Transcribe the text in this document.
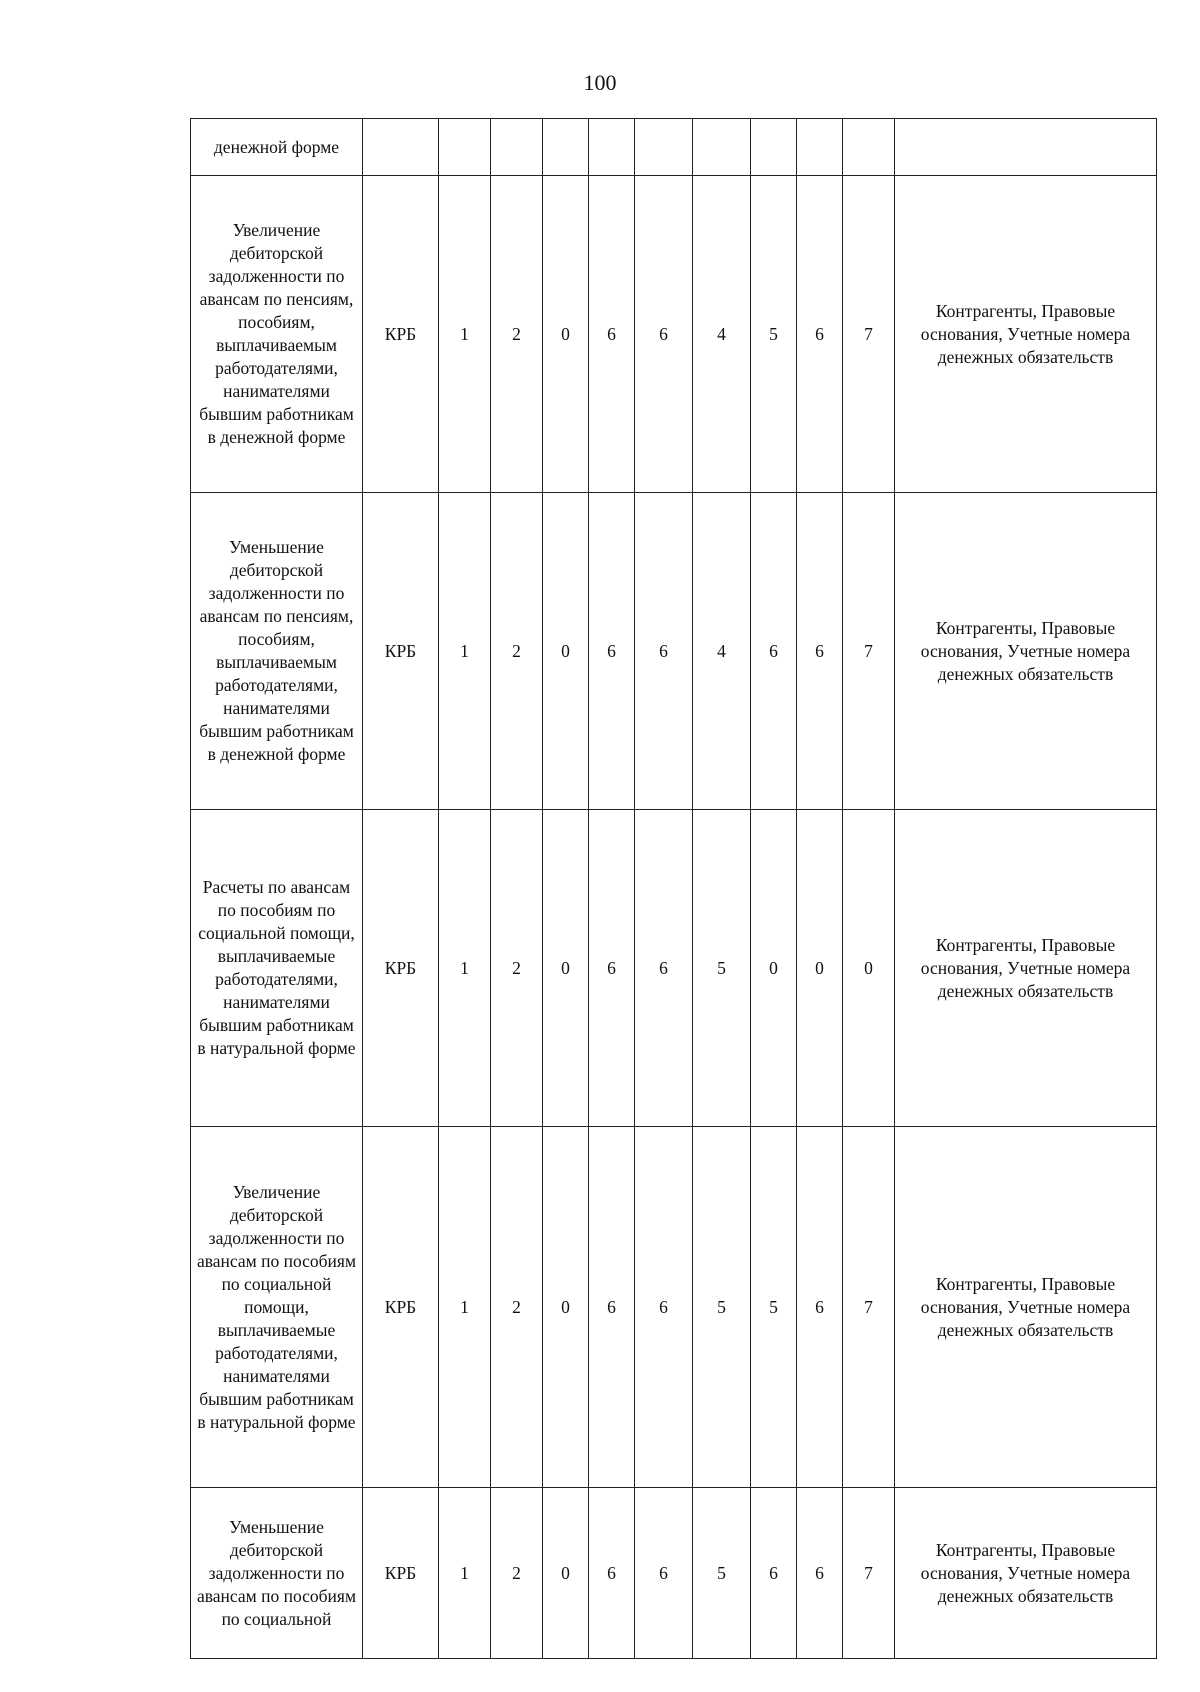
100
денежной форме											
Увеличение дебиторской задолженности по авансам по пенсиям, пособиям, выплачиваемым работодателями, нанимателями бывшим работникам в денежной форме	КРБ	1	2	0	6	6	4	5	6	7	Контрагенты, Правовые основания, Учетные номера денежных обязательств
Уменьшение дебиторской задолженности по авансам по пенсиям, пособиям, выплачиваемым работодателями, нанимателями бывшим работникам в денежной форме	КРБ	1	2	0	6	6	4	6	6	7	Контрагенты, Правовые основания, Учетные номера денежных обязательств
Расчеты по авансам по пособиям по социальной помощи, выплачиваемые работодателями, нанимателями бывшим работникам в натуральной форме	КРБ	1	2	0	6	6	5	0	0	0	Контрагенты, Правовые основания, Учетные номера денежных обязательств
Увеличение дебиторской задолженности по авансам по пособиям по социальной помощи, выплачиваемые работодателями, нанимателями бывшим работникам в натуральной форме	КРБ	1	2	0	6	6	5	5	6	7	Контрагенты, Правовые основания, Учетные номера денежных обязательств
Уменьшение дебиторской задолженности по авансам по пособиям по социальной	КРБ	1	2	0	6	6	5	6	6	7	Контрагенты, Правовые основания, Учетные номера денежных обязательств
